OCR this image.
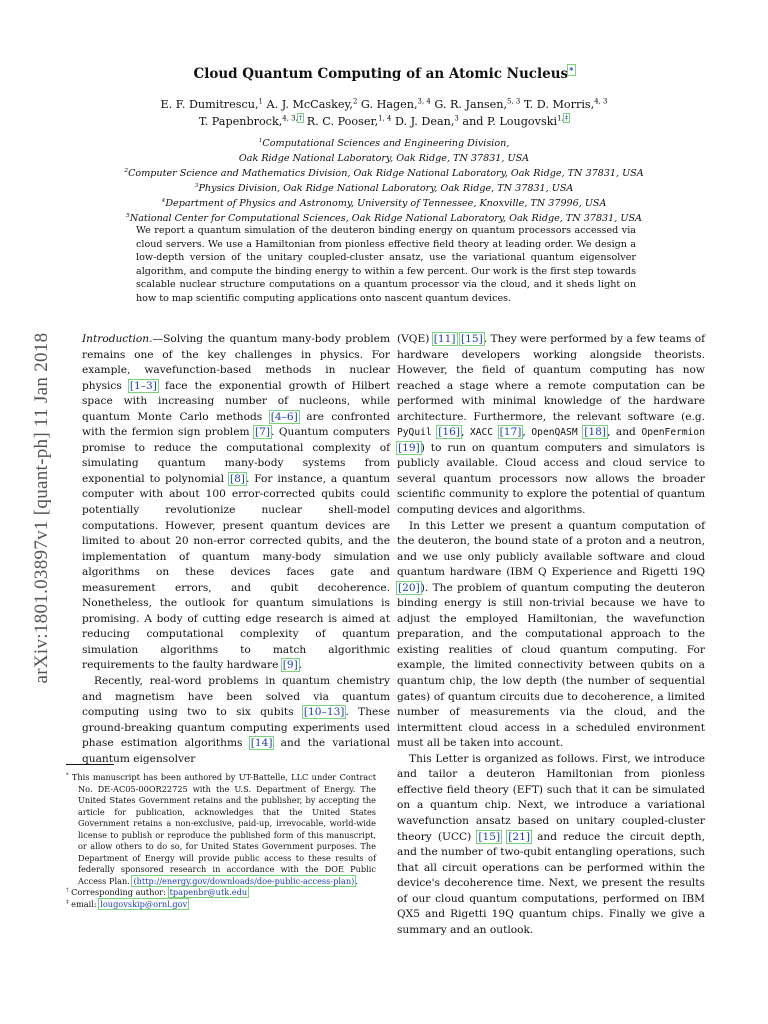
arXiv:1801.03897v1 [quant-ph] 11 Jan 2018
Cloud Quantum Computing of an Atomic Nucleus*
E. F. Dumitrescu,$^1$ A. J. McCaskey,$^2$ G. Hagen,$^{3, 4}$ G. R. Jansen,$^{5, 3}$ T. D. Morris,$^{4, 3}$
T. Papenbrock,$^{4, 3,\dagger}$ R. C. Pooser,$^{1, 4}$ D. J. Dean,$^3$ and P. Lougovski$^{1,\ddagger}$
$^1$Computational Sciences and Engineering Division,
Oak Ridge National Laboratory, Oak Ridge, TN 37831, USA
$^2$Computer Science and Mathematics Division, Oak Ridge National Laboratory, Oak Ridge, TN 37831, USA
$^3$Physics Division, Oak Ridge National Laboratory, Oak Ridge, TN 37831, USA
$^4$Department of Physics and Astronomy, University of Tennessee, Knoxville, TN 37996, USA
$^5$National Center for Computational Sciences, Oak Ridge National Laboratory, Oak Ridge, TN 37831, USA
We report a quantum simulation of the deuteron binding energy on quantum processors accessed via cloud servers. We use a Hamiltonian from pionless effective field theory at leading order. We design a low-depth version of the unitary coupled-cluster ansatz, use the variational quantum eigensolver algorithm, and compute the binding energy to within a few percent. Our work is the first step towards scalable nuclear structure computations on a quantum processor via the cloud, and it sheds light on how to map scientific computing applications onto nascent quantum devices.

Introduction.—Solving the quantum many-body problem remains one of the key challenges in physics. For example, wavefunction-based methods in nuclear physics [1–3] face the exponential growth of Hilbert space with increasing number of nucleons, while quantum Monte Carlo methods [4–6] are confronted with the fermion sign problem [7]. Quantum computers promise to reduce the computational complexity of simulating quantum many-body systems from exponential to polynomial [8]. For instance, a quantum computer with about 100 error-corrected qubits could potentially revolutionize nuclear shell-model computations. However, present quantum devices are limited to about 20 non-error corrected qubits, and the implementation of quantum many-body simulation algorithms on these devices faces gate and measurement errors, and qubit decoherence. Nonetheless, the outlook for quantum simulations is promising. A body of cutting edge research is aimed at reducing computational complexity of quantum simulation algorithms to match algorithmic requirements to the faulty hardware [9].

Recently, real-word problems in quantum chemistry and magnetism have been solved via quantum computing using two to six qubits [10–13]. These ground-breaking quantum computing experiments used phase estimation algorithms [14] and the variational quantum eigensolver

(VQE) [11] [15]. They were performed by a few teams of hardware developers working alongside theorists. However, the field of quantum computing has now reached a stage where a remote computation can be performed with minimal knowledge of the hardware architecture. Furthermore, the relevant software (e.g. PyQuil [16], XACC [17], OpenQASM [18], and OpenFermion [19]) to run on quantum computers and simulators is publicly available. Cloud access and cloud service to several quantum processors now allows the broader scientific community to explore the potential of quantum computing devices and algorithms.

In this Letter we present a quantum computation of the deuteron, the bound state of a proton and a neutron, and we use only publicly available software and cloud quantum hardware (IBM Q Experience and Rigetti 19Q [20]). The problem of quantum computing the deuteron binding energy is still non-trivial because we have to adjust the employed Hamiltonian, the wavefunction preparation, and the computational approach to the existing realities of cloud quantum computing. For example, the limited connectivity between qubits on a quantum chip, the low depth (the number of sequential gates) of quantum circuits due to decoherence, a limited number of measurements via the cloud, and the intermittent cloud access in a scheduled environment must all be taken into account.

This Letter is organized as follows. First, we introduce and tailor a deuteron Hamiltonian from pionless effective field theory (EFT) such that it can be simulated on a quantum chip. Next, we introduce a variational wavefunction ansatz based on unitary coupled-cluster theory (UCC) [15] [21] and reduce the circuit depth, and the number of two-qubit entangling operations, such that all circuit operations can be performed within the device's decoherence time. Next, we present the results of our cloud quantum computations, performed on IBM QX5 and Rigetti 19Q quantum chips. Finally we give a summary and an outlook.

* This manuscript has been authored by UT-Battelle, LLC under Contract No. DE-AC05-00OR22725 with the U.S. Department of Energy. The United States Government retains and the publisher, by accepting the article for publication, acknowledges that the United States Government retains a non-exclusive, paid-up, irrevocable, world-wide license to publish or reproduce the published form of this manuscript, or allow others to do so, for United States Government purposes. The Department of Energy will provide public access to these results of federally sponsored research in accordance with the DOE Public Access Plan. (http://energy.gov/downloads/doe-public-access-plan).

† Corresponding author: tpapenbr@utk.edu

‡ email: lougovskip@ornl.gov
